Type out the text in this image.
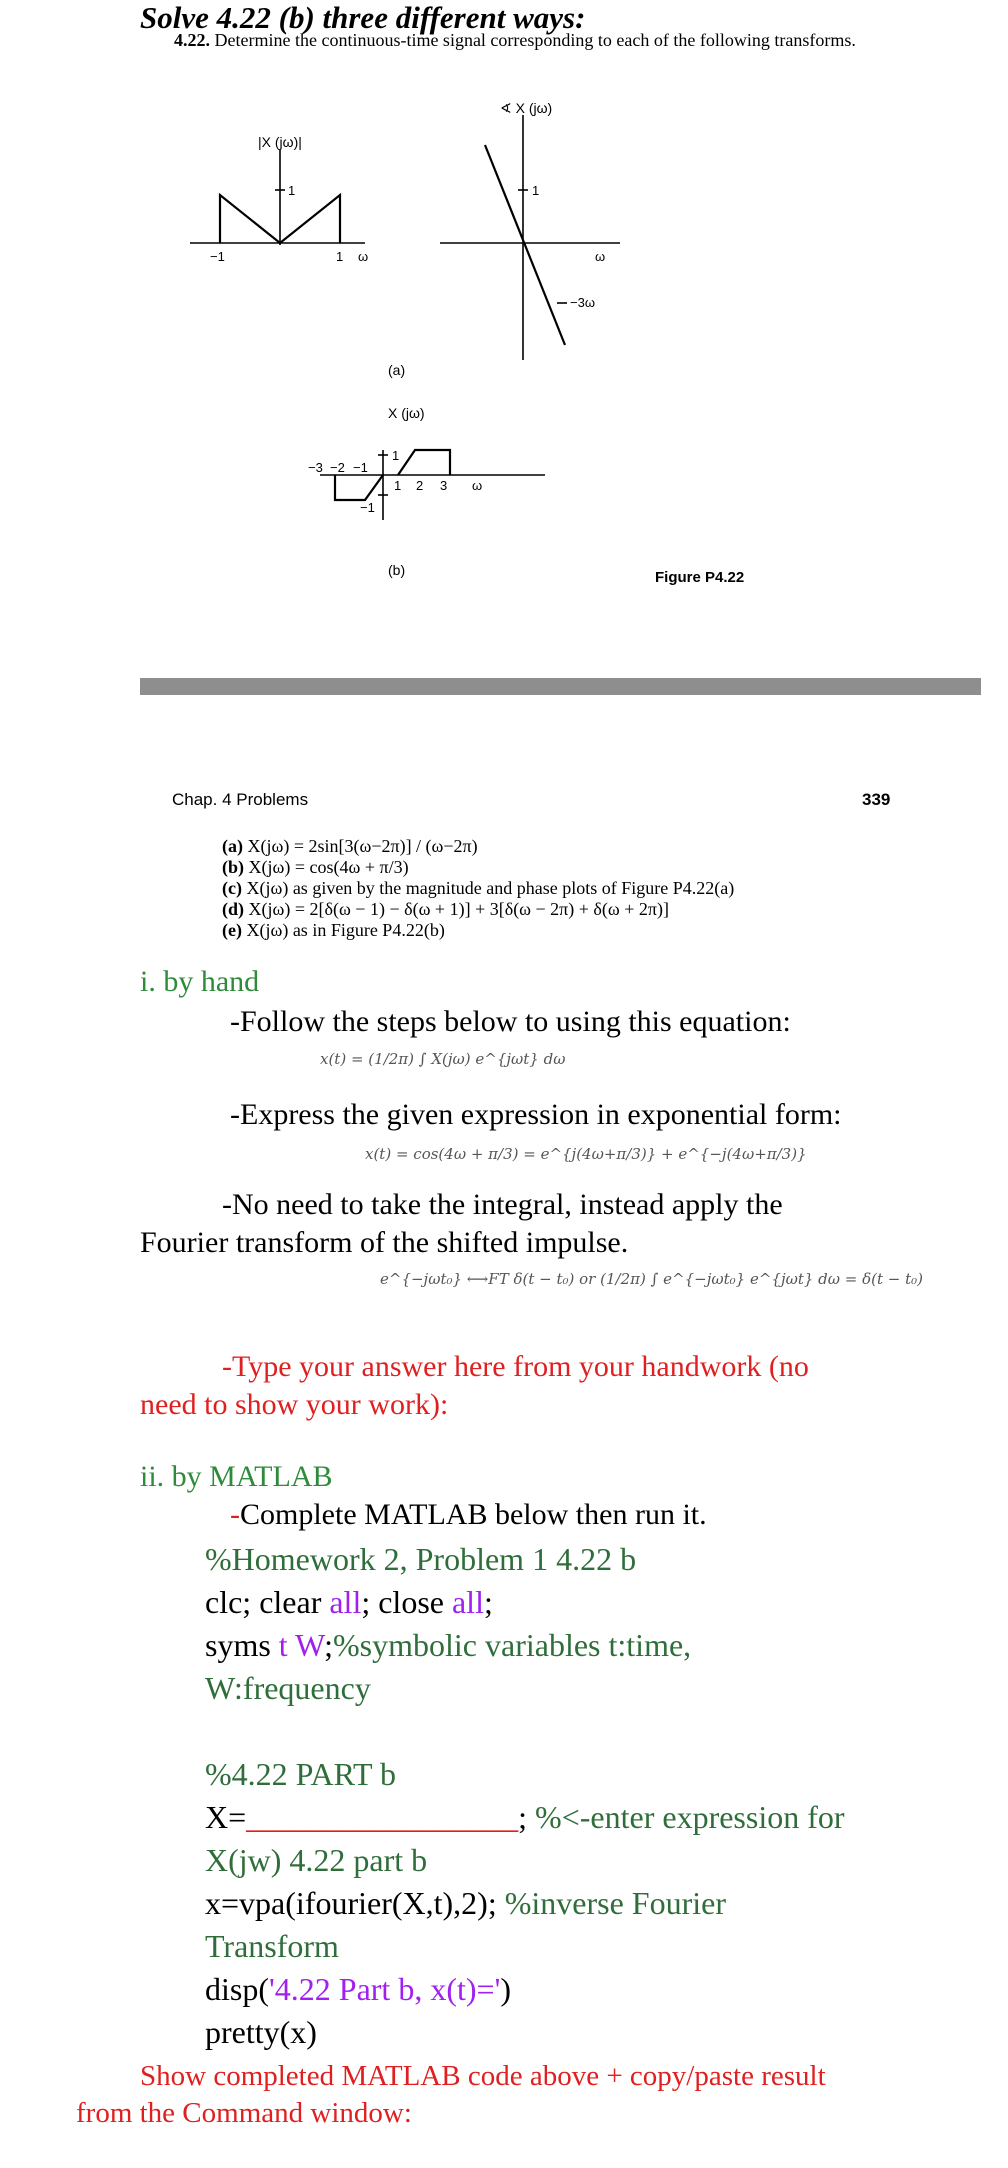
Solve 4.22 (b) three different ways:
4.22. Determine the continuous-time signal corresponding to each of the following transforms.
|X (jω)|
1
−1	1 ω
∢ X (jω)
1
ω
−3ω
(a)
X (jω)
1
−1
−3 −2 −1
1 2 3 ω
(b)	Figure P4.22
Chap. 4 Problems	339
(a) X(jω) = 2sin[3(ω−2π)] / (ω−2π)
(b) X(jω) = cos(4ω + π/3)
(c) X(jω) as given by the magnitude and phase plots of Figure P4.22(a)
(d) X(jω) = 2[δ(ω − 1) − δ(ω + 1)] + 3[δ(ω − 2π) + δ(ω + 2π)]
(e) X(jω) as in Figure P4.22(b)
i. by hand
-Follow the steps below to using this equation:
x(t) = (1/2π) ∫ X(jω) e^{jωt} dω
-Express the given expression in exponential form:
x(t) = cos(4ω + π/3) = e^{j(4ω+π/3)} + e^{−j(4ω+π/3)}
-No need to take the integral, instead apply the
Fourier transform of the shifted impulse.
e^{−jωt₀} ⟷FT δ(t − t₀) or (1/2π) ∫ e^{−jωt₀} e^{jωt} dω = δ(t − t₀)
-Type your answer here from your handwork (no
need to show your work):
ii. by MATLAB
-Complete MATLAB below then run it.
%Homework 2, Problem 1 4.22 b
clc; clear all; close all;
syms t W;%symbolic variables t:time,
W:frequency
%4.22 PART b
X=_________________; %<-enter expression for
X(jw) 4.22 part b
x=vpa(ifourier(X,t),2); %inverse Fourier
Transform
disp('4.22 Part b, x(t)=')
pretty(x)
Show completed MATLAB code above + copy/paste result
from the Command window:
